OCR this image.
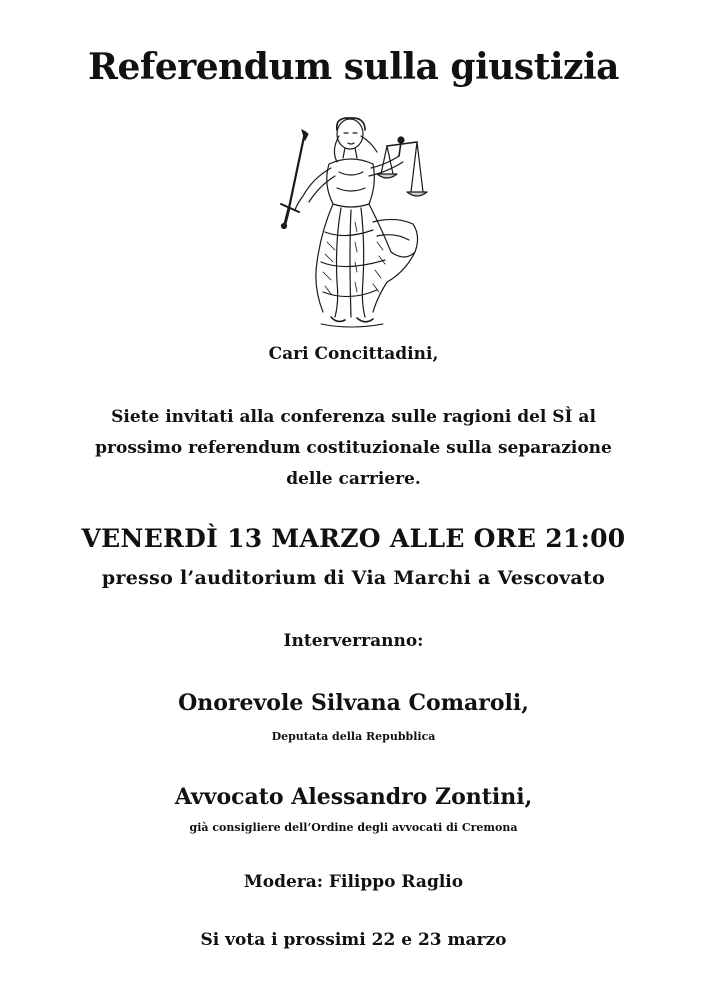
Referendum sulla giustizia
Cari Concittadini,
Siete invitati alla conferenza sulle ragioni del SÌ al
prossimo referendum costituzionale sulla separazione
delle carriere.
VENERDÌ 13 MARZO ALLE ORE 21:00
presso l’auditorium di Via Marchi a Vescovato
Interverranno:
Onorevole Silvana Comaroli,
Deputata della Repubblica
Avvocato Alessandro Zontini,
già consigliere dell’Ordine degli avvocati di Cremona
Modera: Filippo Raglio
Si vota i prossimi 22 e 23 marzo
